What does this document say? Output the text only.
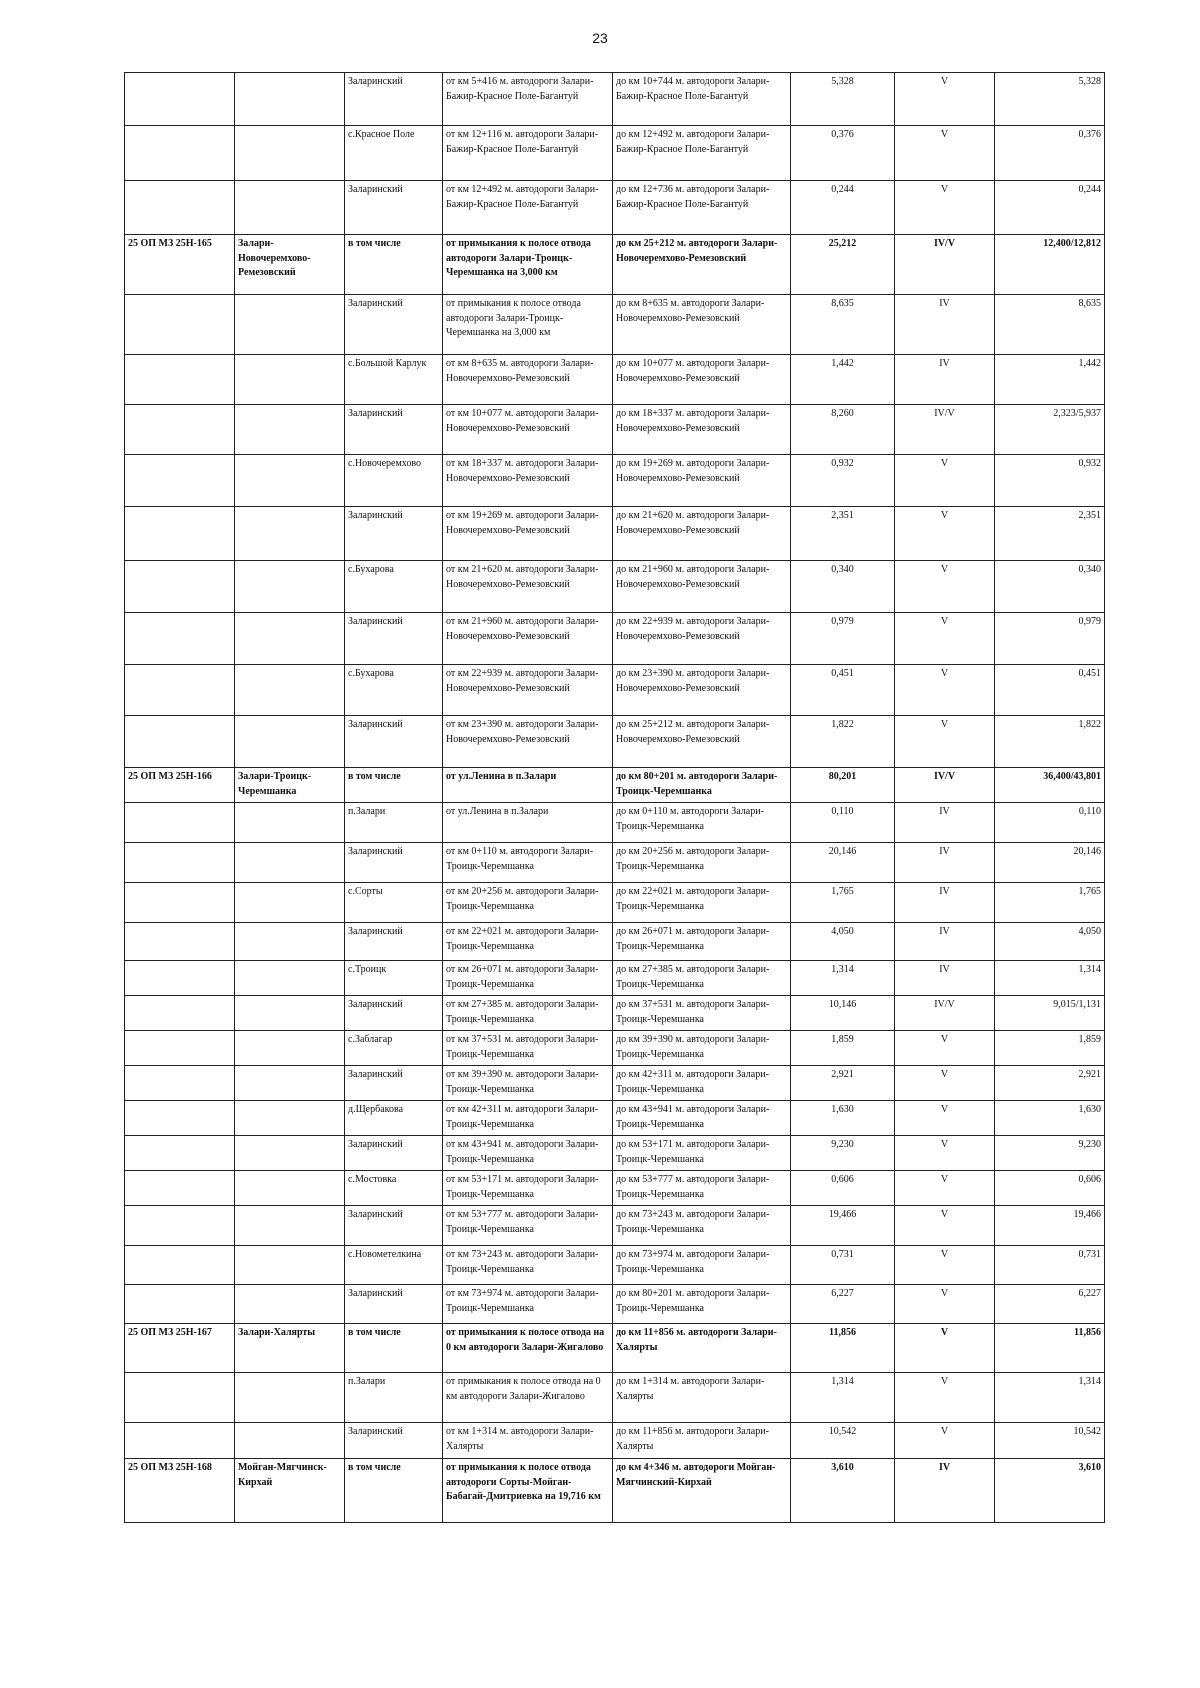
23
		Заларинский	от км 5+416 м. автодороги Залари-Бажир-Красное Поле-Багантуй	до км 10+744 м. автодороги Залари-Бажир-Красное Поле-Багантуй	5,328	V	5,328
		с.Красное Поле	от км 12+116 м. автодороги Залари-Бажир-Красное Поле-Багантуй	до км 12+492 м. автодороги Залари-Бажир-Красное Поле-Багантуй	0,376	V	0,376
		Заларинский	от км 12+492 м. автодороги Залари-Бажир-Красное Поле-Багантуй	до км 12+736 м. автодороги Залари-Бажир-Красное Поле-Багантуй	0,244	V	0,244
25 ОП МЗ 25Н-165	Залари-Новочеремхово-Ремезовский	в том числе	от примыкания к полосе отвода автодороги Залари-Троицк-Черемшанка на 3,000 км	до км 25+212 м. автодороги Залари-Новочеремхово-Ремезовский	25,212	IV/V	12,400/12,812
		Заларинский	от примыкания к полосе отвода автодороги Залари-Троицк-Черемшанка на 3,000 км	до км 8+635 м. автодороги Залари-Новочеремхово-Ремезовский	8,635	IV	8,635
		с.Большой Карлук	от км 8+635 м. автодороги Залари-Новочеремхово-Ремезовский	до км 10+077 м. автодороги Залари-Новочеремхово-Ремезовский	1,442	IV	1,442
		Заларинский	от км 10+077 м. автодороги Залари-Новочеремхово-Ремезовский	до км 18+337 м. автодороги Залари-Новочеремхово-Ремезовский	8,260	IV/V	2,323/5,937
		с.Новочеремхово	от км 18+337 м. автодороги Залари-Новочеремхово-Ремезовский	до км 19+269 м. автодороги Залари-Новочеремхово-Ремезовский	0,932	V	0,932
		Заларинский	от км 19+269 м. автодороги Залари-Новочеремхово-Ремезовский	до км 21+620 м. автодороги Залари-Новочеремхово-Ремезовский	2,351	V	2,351
		с.Бухарова	от км 21+620 м. автодороги Залари-Новочеремхово-Ремезовский	до км 21+960 м. автодороги Залари-Новочеремхово-Ремезовский	0,340	V	0,340
		Заларинский	от км 21+960 м. автодороги Залари-Новочеремхово-Ремезовский	до км 22+939 м. автодороги Залари-Новочеремхово-Ремезовский	0,979	V	0,979
		с.Бухарова	от км 22+939 м. автодороги Залари-Новочеремхово-Ремезовский	до км 23+390 м. автодороги Залари-Новочеремхово-Ремезовский	0,451	V	0,451
		Заларинский	от км 23+390 м. автодороги Залари-Новочеремхово-Ремезовский	до км 25+212 м. автодороги Залари-Новочеремхово-Ремезовский	1,822	V	1,822
25 ОП МЗ 25Н-166	Залари-Троицк-Черемшанка	в том числе	от ул.Ленина в п.Залари	до км 80+201 м. автодороги Залари-Троицк-Черемшанка	80,201	IV/V	36,400/43,801
		п.Залари	от ул.Ленина в п.Залари	до км 0+110 м. автодороги Залари-Троицк-Черемшанка	0,110	IV	0,110
		Заларинский	от км 0+110 м. автодороги Залари-Троицк-Черемшанка	до км 20+256 м. автодороги Залари-Троицк-Черемшанка	20,146	IV	20,146
		с.Сорты	от км 20+256 м. автодороги Залари-Троицк-Черемшанка	до км 22+021 м. автодороги Залари-Троицк-Черемшанка	1,765	IV	1,765
		Заларинский	от км 22+021 м. автодороги Залари-Троицк-Черемшанка	до км 26+071 м. автодороги Залари-Троицк-Черемшанка	4,050	IV	4,050
		с.Троицк	от км 26+071 м. автодороги Залари-Троицк-Черемшанка	до км 27+385 м. автодороги Залари-Троицк-Черемшанка	1,314	IV	1,314
		Заларинский	от км 27+385 м. автодороги Залари-Троицк-Черемшанка	до км 37+531 м. автодороги Залари-Троицк-Черемшанка	10,146	IV/V	9,015/1,131
		с.Заблагар	от км 37+531 м. автодороги Залари-Троицк-Черемшанка	до км 39+390 м. автодороги Залари-Троицк-Черемшанка	1,859	V	1,859
		Заларинский	от км 39+390 м. автодороги Залари-Троицк-Черемшанка	до км 42+311 м. автодороги Залари-Троицк-Черемшанка	2,921	V	2,921
		д.Щербакова	от км 42+311 м. автодороги Залари-Троицк-Черемшанка	до км 43+941 м. автодороги Залари-Троицк-Черемшанка	1,630	V	1,630
		Заларинский	от км 43+941 м. автодороги Залари-Троицк-Черемшанка	до км 53+171 м. автодороги Залари-Троицк-Черемшанка	9,230	V	9,230
		с.Мостовка	от км 53+171 м. автодороги Залари-Троицк-Черемшанка	до км 53+777 м. автодороги Залари-Троицк-Черемшанка	0,606	V	0,606
		Заларинский	от км 53+777 м. автодороги Залари-Троицк-Черемшанка	до км 73+243 м. автодороги Залари-Троицк-Черемшанка	19,466	V	19,466
		с.Новометелкина	от км 73+243 м. автодороги Залари-Троицк-Черемшанка	до км 73+974 м. автодороги Залари-Троицк-Черемшанка	0,731	V	0,731
		Заларинский	от км 73+974 м. автодороги Залари-Троицк-Черемшанка	до км 80+201 м. автодороги Залари-Троицк-Черемшанка	6,227	V	6,227
25 ОП МЗ 25Н-167	Залари-Халярты	в том числе	от примыкания к полосе отвода на 0 км автодороги Залари-Жигалово	до км 11+856 м. автодороги Залари-Халярты	11,856	V	11,856
		п.Залари	от примыкания к полосе отвода на 0 км автодороги Залари-Жигалово	до км 1+314 м. автодороги Залари-Халярты	1,314	V	1,314
		Заларинский	от км 1+314 м. автодороги Залари-Халярты	до км 11+856 м. автодороги Залари-Халярты	10,542	V	10,542
25 ОП МЗ 25Н-168	Мойган-Мягчинск-Кирхай	в том числе	от примыкания к полосе отвода автодороги Сорты-Мойган-Бабагай-Дмитриевка на 19,716 км	до км 4+346 м. автодороги Мойган-Мягчинский-Кирхай	3,610	IV	3,610
